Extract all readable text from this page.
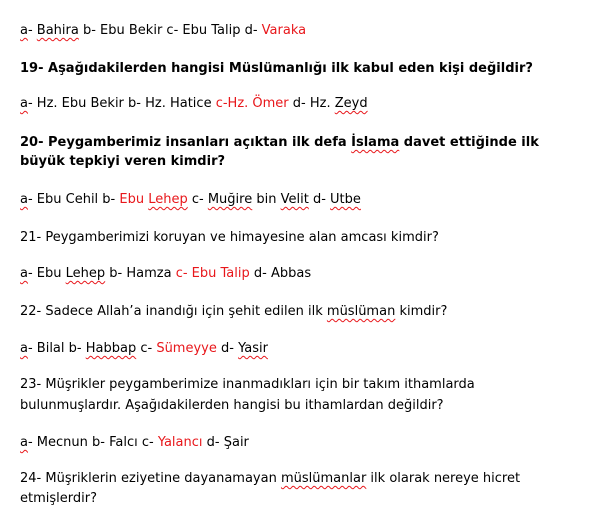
a- Bahira b- Ebu Bekir c- Ebu Talip d- Varaka
19- Aşağıdakilerden hangisi Müslümanlığı ilk kabul eden kişi değildir?
a- Hz. Ebu Bekir b- Hz. Hatice c-Hz. Ömer d- Hz. Zeyd
20- Peygamberimiz insanları açıktan ilk defa İslama davet ettiğinde ilk
büyük tepkiyi veren kimdir?
a- Ebu Cehil b- Ebu Lehep c- Muğire bin Velit d- Utbe
21- Peygamberimizi koruyan ve himayesine alan amcası kimdir?
a- Ebu Lehep b- Hamza c- Ebu Talip d- Abbas
22- Sadece Allah’a inandığı için şehit edilen ilk müslüman kimdir?
a- Bilal b- Habbap c- Sümeyye d- Yasir
23- Müşrikler peygamberimize inanmadıkları için bir takım ithamlarda
bulunmuşlardır. Aşağıdakilerden hangisi bu ithamlardan değildir?
a- Mecnun b- Falcı c- Yalancı d- Şair
24- Müşriklerin eziyetine dayanamayan müslümanlar ilk olarak nereye hicret
etmişlerdir?
